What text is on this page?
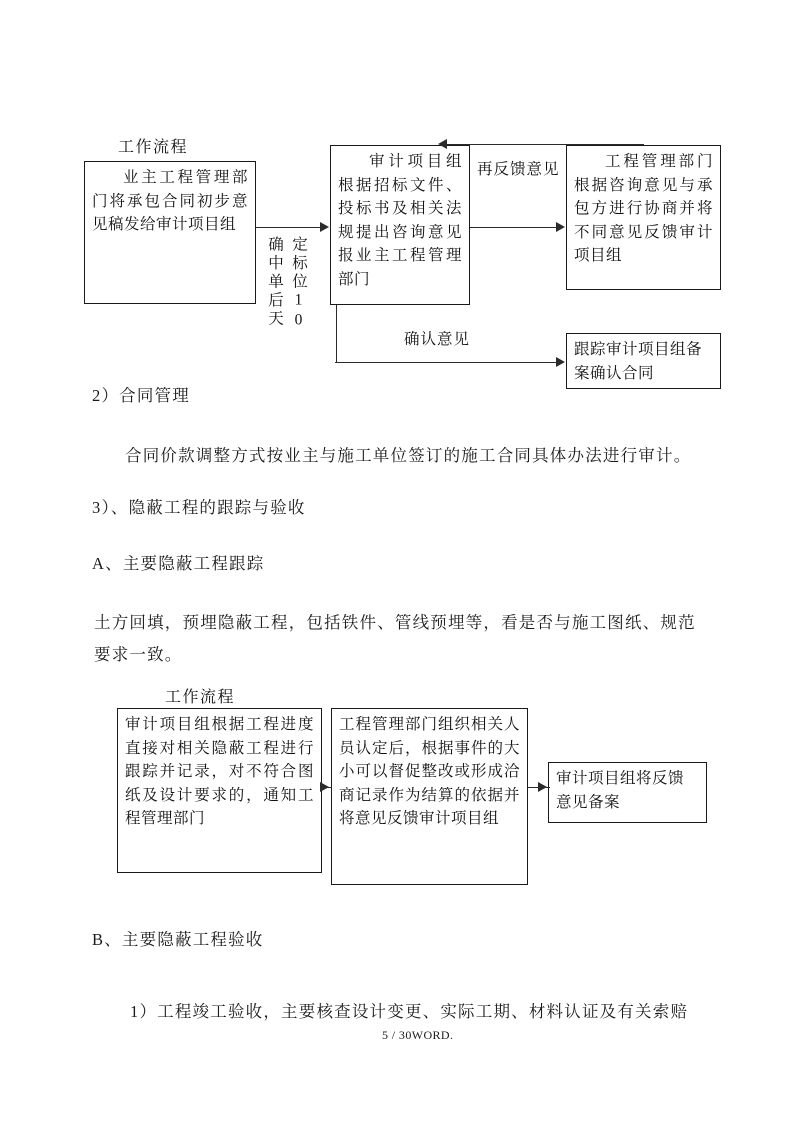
工作流程
业主工程管理部门将承包合同初步意见稿发给审计项目组
审计项目组根据招标文件、投标书及相关法规提出咨询意见报业主工程管理部门
工程管理部门根据咨询意见与承包方进行协商并将不同意见反馈审计项目组
跟踪审计项目组备案确认合同
定标位10
确中单后天
再反馈意见
确认意见
2）合同管理
合同价款调整方式按业主与施工单位签订的施工合同具体办法进行审计。
3）、隐蔽工程的跟踪与验收
A、主要隐蔽工程跟踪
土方回填，预埋隐蔽工程，包括铁件、管线预埋等，看是否与施工图纸、规范
要求一致。
工作流程
审计项目组根据工程进度直接对相关隐蔽工程进行跟踪并记录，对不符合图纸及设计要求的，通知工程管理部门
工程管理部门组织相关人员认定后，根据事件的大小可以督促整改或形成洽商记录作为结算的依据并将意见反馈审计项目组
审计项目组将反馈意见备案
B、主要隐蔽工程验收
1）工程竣工验收，主要核查设计变更、实际工期、材料认证及有关索赔
5 / 30WORD.
